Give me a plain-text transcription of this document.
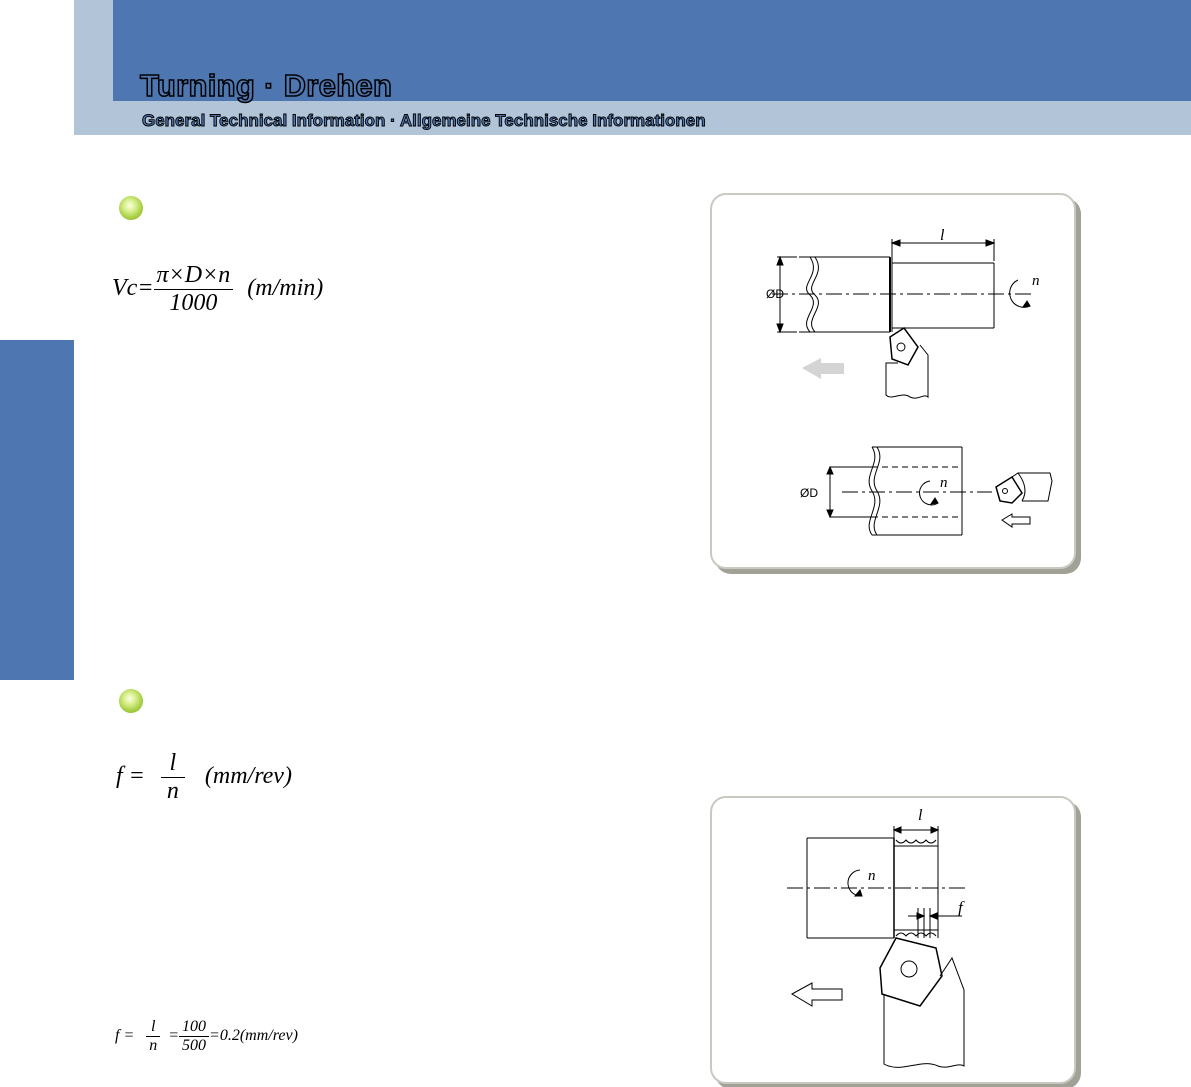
Turning · Drehen
General Technical Information · Allgemeine Technische Informationen
$Vc= \frac{\pi\times D\times n}{1000} (m/\min)$	ØD
l
n
ØD
n
$f = \frac{l}{n} (mm/rev)$
$f = \frac{l}{n} = \frac{100}{500} =0.2(mm/rev)$
l
n
f
